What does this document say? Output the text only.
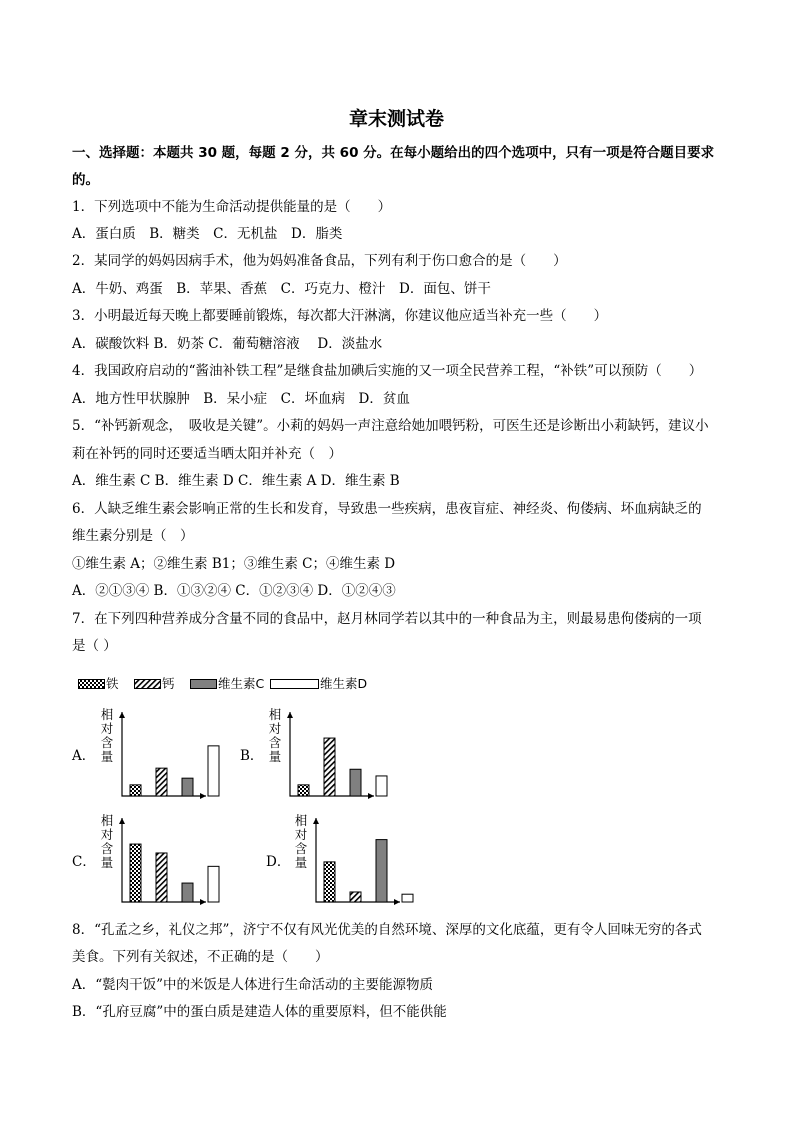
章末测试卷
一、选择题：本题共 30 题，每题 2 分，共 60 分。在每小题给出的四个选项中，只有一项是符合题目要求
的。
1．下列选项中不能为生命活动提供能量的是（　　）
A．蛋白质　B．糖类　C．无机盐　D．脂类
2．某同学的妈妈因病手术，他为妈妈准备食品，下列有利于伤口愈合的是（　　）
A．牛奶、鸡蛋　B．苹果、香蕉　C．巧克力、橙汁　D．面包、饼干
3．小明最近每天晚上都要睡前锻炼，每次都大汗淋漓，你建议他应适当补充一些（　　）
A．碳酸饮料 B．奶茶 C．葡萄糖溶液　 D．淡盐水
4．我国政府启动的“酱油补铁工程”是继食盐加碘后实施的又一项全民营养工程，“补铁”可以预防（　　）
A．地方性甲状腺肿　B．呆小症　C．坏血病　D．贫血
5．“补钙新观念，　吸收是关键”。小莉的妈妈一声注意给她加喂钙粉，可医生还是诊断出小莉缺钙，建议小
莉在补钙的同时还要适当晒太阳并补充（　）
A．维生素 C B．维生素 D C．维生素 A D．维生素 B
6．人缺乏维生素会影响正常的生长和发育，导致患一些疾病，患夜盲症、神经炎、佝偻病、坏血病缺乏的
维生素分别是（　）
①维生素 A；②维生素 B1；③维生素 C；④维生素 D
A．②①③④ B．①③②④ C．①②③④ D．①②④③
7．在下列四种营养成分含量不同的食品中，赵月林同学若以其中的一种食品为主，则最易患佝偻病的一项
是（ ）
8．“孔孟之乡，礼仪之邦”，济宁不仅有风光优美的自然环境、深厚的文化底蕴，更有令人回味无穷的各式
美食。下列有关叙述，不正确的是（　　）
A．“甏肉干饭”中的米饭是人体进行生命活动的主要能源物质
B．“孔府豆腐”中的蛋白质是建造人体的重要原料，但不能供能
铁	钙	维生素C	维生素D
A．
相
对
含
量	B．
相
对
含
量
C．
相
对
含
量	D．
相
对
含
量
